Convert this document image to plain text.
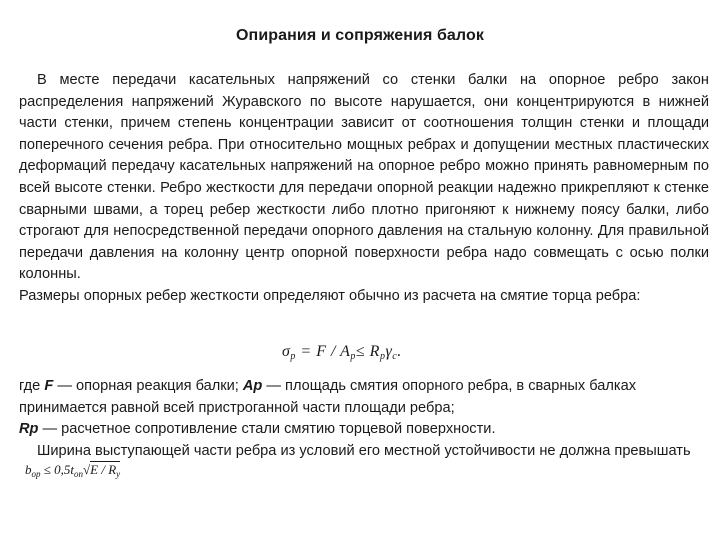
Опирания и сопряжения балок

В месте передачи касательных напряжений со стенки балки на опорное ребро закон распределения напряжений Журавского по высоте нарушается, они концентрируются в нижней части стенки, причем степень концентрации зависит от соотношения толщин стенки и площади поперечного сечения ребра. При относительно мощных ребрах и допущении местных пластических деформаций передачу касательных напряжений на опорное ребро можно принять равномерным по всей высоте стенки. Ребро жесткости для передачи опорной реакции надежно прикрепляют к стенке сварными швами, а торец ребер жесткости либо плотно пригоняют к нижнему поясу балки, либо строгают для непосредственной передачи опорного давления на стальную колонну. Для правильной передачи давления на колонну центр опорной поверхности ребра надо совмещать с осью полки колонны.

Размеры опорных ребер жесткости определяют обычно из расчета на смятие торца ребра:

$\sigma_p = F / A_p\le R_p\gamma_c$.

где F — опорная реакция балки; Ap — площадь смятия опорного ребра, в сварных балках принимается равной всей пристроганной части площади ребра;

Rp — расчетное сопротивление стали смятию торцевой поверхности.

Ширина выступающей части ребра из условий его местной устойчивости не должна превышать $b_{op} \le 0,5t_{on}√E / R_y$
